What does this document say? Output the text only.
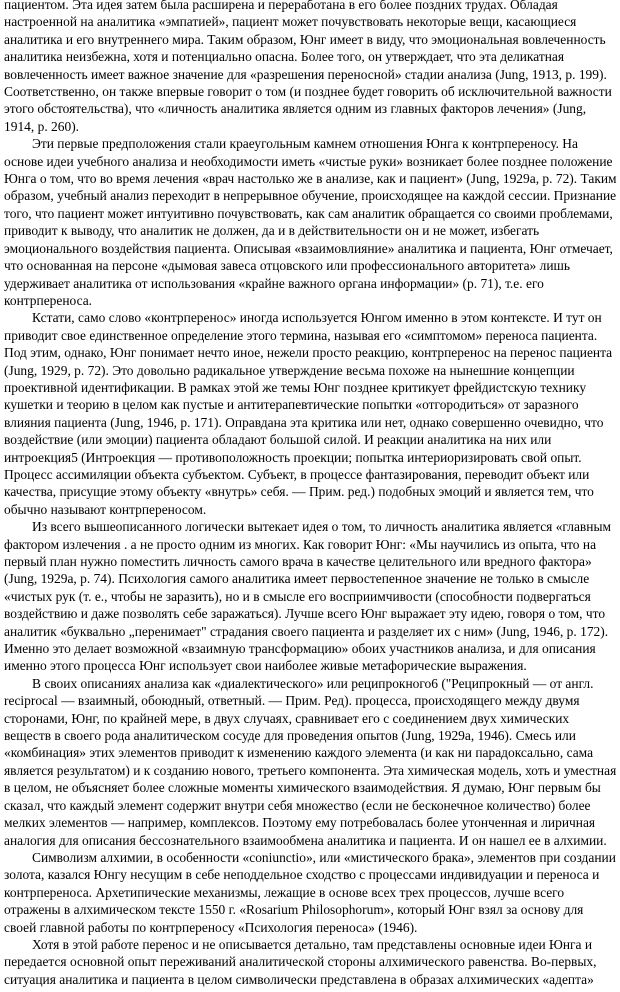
пациентом. Эта идея затем была расширена и переработана в его более поздних трудах. Обладая настроенной на аналитика «эмпатией», пациент может почувствовать некоторые вещи, касающиеся аналитика и его внутреннего мира. Таким образом, Юнг имеет в виду, что эмоциональная вовлеченность аналитика неизбежна, хотя и потенциально опасна. Более того, он утверждает, что эта деликатная вовлеченность имеет важное значение для «разрешения переносной» стадии анализа (Jung, 1913, p. 199). Соответственно, он также впервые говорит о том (и позднее будет говорить об исключительной важности этого обстоятельства), что «личность аналитика является одним из главных факторов лечения» (Jung, 1914, p. 260).

Эти первые предположения стали краеугольным камнем отношения Юнга к контрпереносу. На основе идеи учебного анализа и необходимости иметь «чистые руки» возникает более позднее положение Юнга о том, что во время лечения «врач настолько же в анализе, как и пациент» (Jung, 1929a, p. 72). Таким образом, учебный анализ переходит в непрерывное обучение, происходящее на каждой сессии. Признание того, что пациент может интуитивно почувствовать, как сам аналитик обращается со своими проблемами, приводит к выводу, что аналитик не должен, да и в действительности он и не может, избегать эмоционального воздействия пациента. Описывая «взаимовлияние» аналитика и пациента, Юнг отмечает, что основанная на персоне «дымовая завеса отцовского или профессионального авторитета» лишь удерживает аналитика от использования «крайне важного органа информации» (p. 71), т.е. его контрпереноса.

Кстати, само слово «контрперенос» иногда используется Юнгом именно в этом контексте. И тут он приводит свое единственное определение этого термина, называя его «симптомом» переноса пациента. Под этим, однако, Юнг понимает нечто иное, нежели просто реакцию, контрперенос на перенос пациента (Jung, 1929, p. 72). Это довольно радикальное утверждение весьма похоже на нынешние концепции проективной идентификации. В рамках этой же темы Юнг позднее критикует фрейдистскую технику кушетки и теорию в целом как пустые и антитерапевтические попытки «отгородиться» от заразного влияния пациента (Jung, 1946, p. 171). Оправдана эта критика или нет, однако совершенно очевидно, что воздействие (или эмоции) пациента обладают большой силой. И реакции аналитика на них или интроекция5 (Интроекция — противоположность проекции; попытка интериоризировать свой опыт. Процесс ассимиляции объекта субъектом. Субъект, в процессе фантазирования, переводит объект или качества, присущие этому объекту «внутрь» себя. — Прим. ред.) подобных эмоций и является тем, что обычно называют контрпереносом.

Из всего вышеописанного логически вытекает идея о том, то личность аналитика является «главным фактором излечения . а не просто одним из многих. Как говорит Юнг: «Мы научились из опыта, что на первый план нужно поместить личность самого врача в качестве целительного или вредного фактора» (Jung, 1929a, p. 74). Психология самого аналитика имеет первостепенное значение не только в смысле «чистых рук (т. е., чтобы не заразить), но и в смысле его восприимчивости (способности подвергаться воздействию и даже позволять себе заражаться). Лучше всего Юнг выражает эту идею, говоря о том, что аналитик «буквально „перенимает" страдания своего пациента и разделяет их с ним» (Jung, 1946, p. 172). Именно это делает возможной «взаимную трансформацию» обоих участников анализа, и для описания именно этого процесса Юнг использует свои наиболее живые метафорические выражения.

В своих описаниях анализа как «диалектического» или реципрокного6 ("Реципрокный — от англ. reciprocal — взаимный, обоюдный, ответный. — Прим. Ред). процесса, происходящего между двумя сторонами, Юнг, по крайней мере, в двух случаях, сравнивает его с соединением двух химических веществ в своего рода аналитическом сосуде для проведения опытов (Jung, 1929a, 1946). Смесь или «комбинация» этих элементов приводит к изменению каждого элемента (и как ни парадоксально, сама является результатом) и к созданию нового, третьего компонента. Эта химическая модель, хоть и уместная в целом, не объясняет более сложные моменты химического взаимодействия. Я думаю, Юнг первым бы сказал, что каждый элемент содержит внутри себя множество (если не бесконечное количество) более мелких элементов — например, комплексов. Поэтому ему потребовалась более утонченная и лиричная аналогия для описания бессознательного взаимообмена аналитика и пациента. И он нашел ее в алхимии.

Символизм алхимии, в особенности «coniunctio», или «мистического брака», элементов при создании золота, казался Юнгу несущим в себе неподдельное сходство с процессами индивидуации и переноса и контрпереноса. Архетипические механизмы, лежащие в основе всех трех процессов, лучше всего отражены в алхимическом тексте 1550 г. «Rosarium Philosophorum», который Юнг взял за основу для своей главной работы по контрпереносу «Психология переноса» (1946).

Хотя в этой работе перенос и не описывается детально, там представлены основные идеи Юнга и передается основной опыт переживаний аналитической стороны алхимического равенства. Во-первых, ситуация аналитика и пациента в целом символически представлена в образах алхимических «адепта»
